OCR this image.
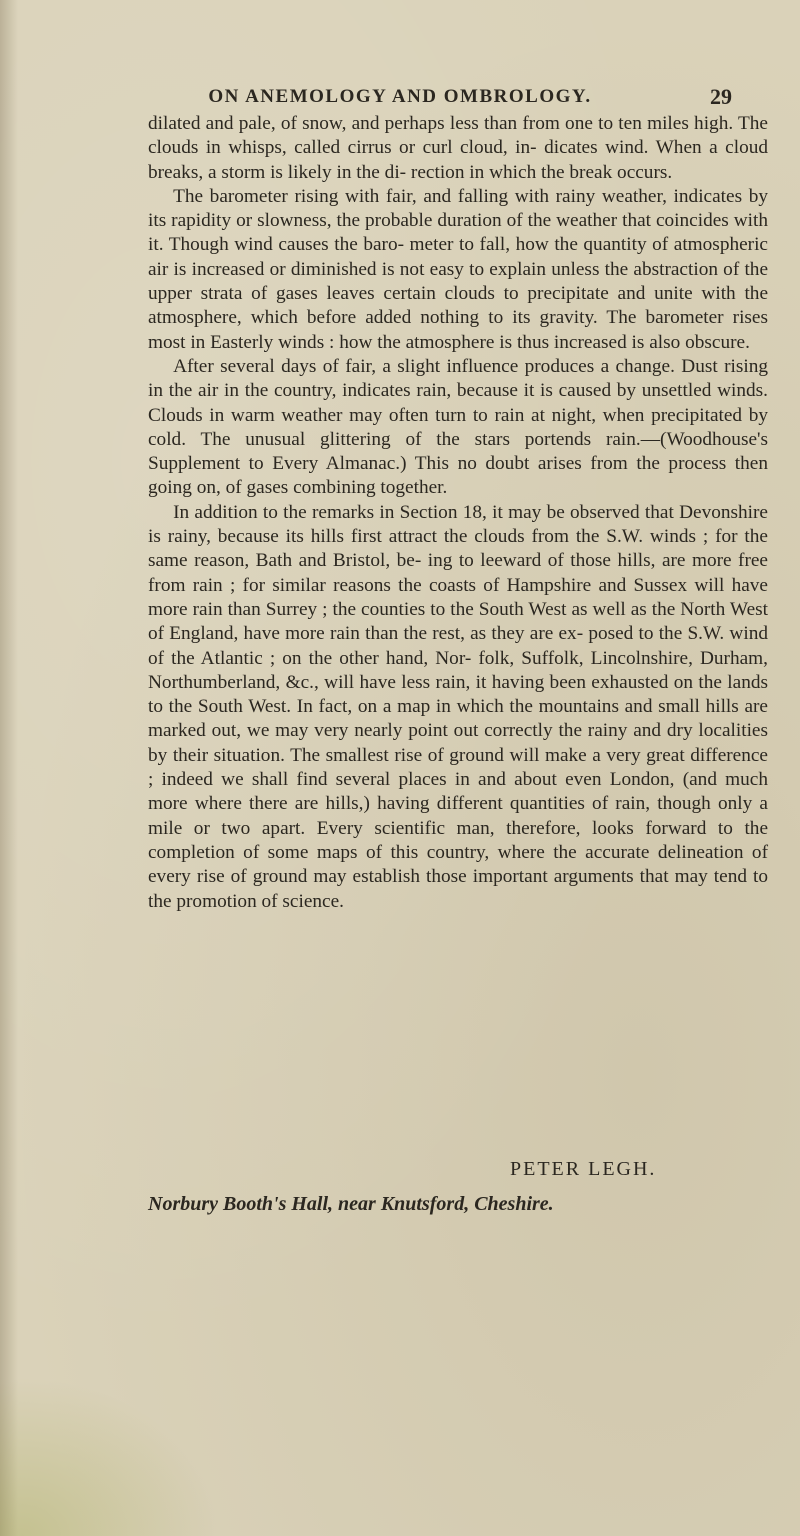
ON ANEMOLOGY AND OMBROLOGY.	29

dilated and pale, of snow, and perhaps less than from one to ten miles high. The clouds in whisps, called cirrus or curl cloud, in- dicates wind. When a cloud breaks, a storm is likely in the di- rection in which the break occurs.

The barometer rising with fair, and falling with rainy weather, indicates by its rapidity or slowness, the probable duration of the weather that coincides with it. Though wind causes the baro- meter to fall, how the quantity of atmospheric air is increased or diminished is not easy to explain unless the abstraction of the upper strata of gases leaves certain clouds to precipitate and unite with the atmosphere, which before added nothing to its gravity. The barometer rises most in Easterly winds : how the atmosphere is thus increased is also obscure.

After several days of fair, a slight influence produces a change. Dust rising in the air in the country, indicates rain, because it is caused by unsettled winds. Clouds in warm weather may often turn to rain at night, when precipitated by cold. The unusual glittering of the stars portends rain.—(Woodhouse's Supplement to Every Almanac.) This no doubt arises from the process then going on, of gases combining together.

In addition to the remarks in Section 18, it may be observed that Devonshire is rainy, because its hills first attract the clouds from the S.W. winds ; for the same reason, Bath and Bristol, be- ing to leeward of those hills, are more free from rain ; for similar reasons the coasts of Hampshire and Sussex will have more rain than Surrey ; the counties to the South West as well as the North West of England, have more rain than the rest, as they are ex- posed to the S.W. wind of the Atlantic ; on the other hand, Nor- folk, Suffolk, Lincolnshire, Durham, Northumberland, &c., will have less rain, it having been exhausted on the lands to the South West. In fact, on a map in which the mountains and small hills are marked out, we may very nearly point out correctly the rainy and dry localities by their situation. The smallest rise of ground will make a very great difference ; indeed we shall find several places in and about even London, (and much more where there are hills,) having different quantities of rain, though only a mile or two apart. Every scientific man, therefore, looks forward to the completion of some maps of this country, where the accurate delineation of every rise of ground may establish those important arguments that may tend to the promotion of science.

PETER LEGH.
Norbury Booth's Hall, near Knutsford, Cheshire.
